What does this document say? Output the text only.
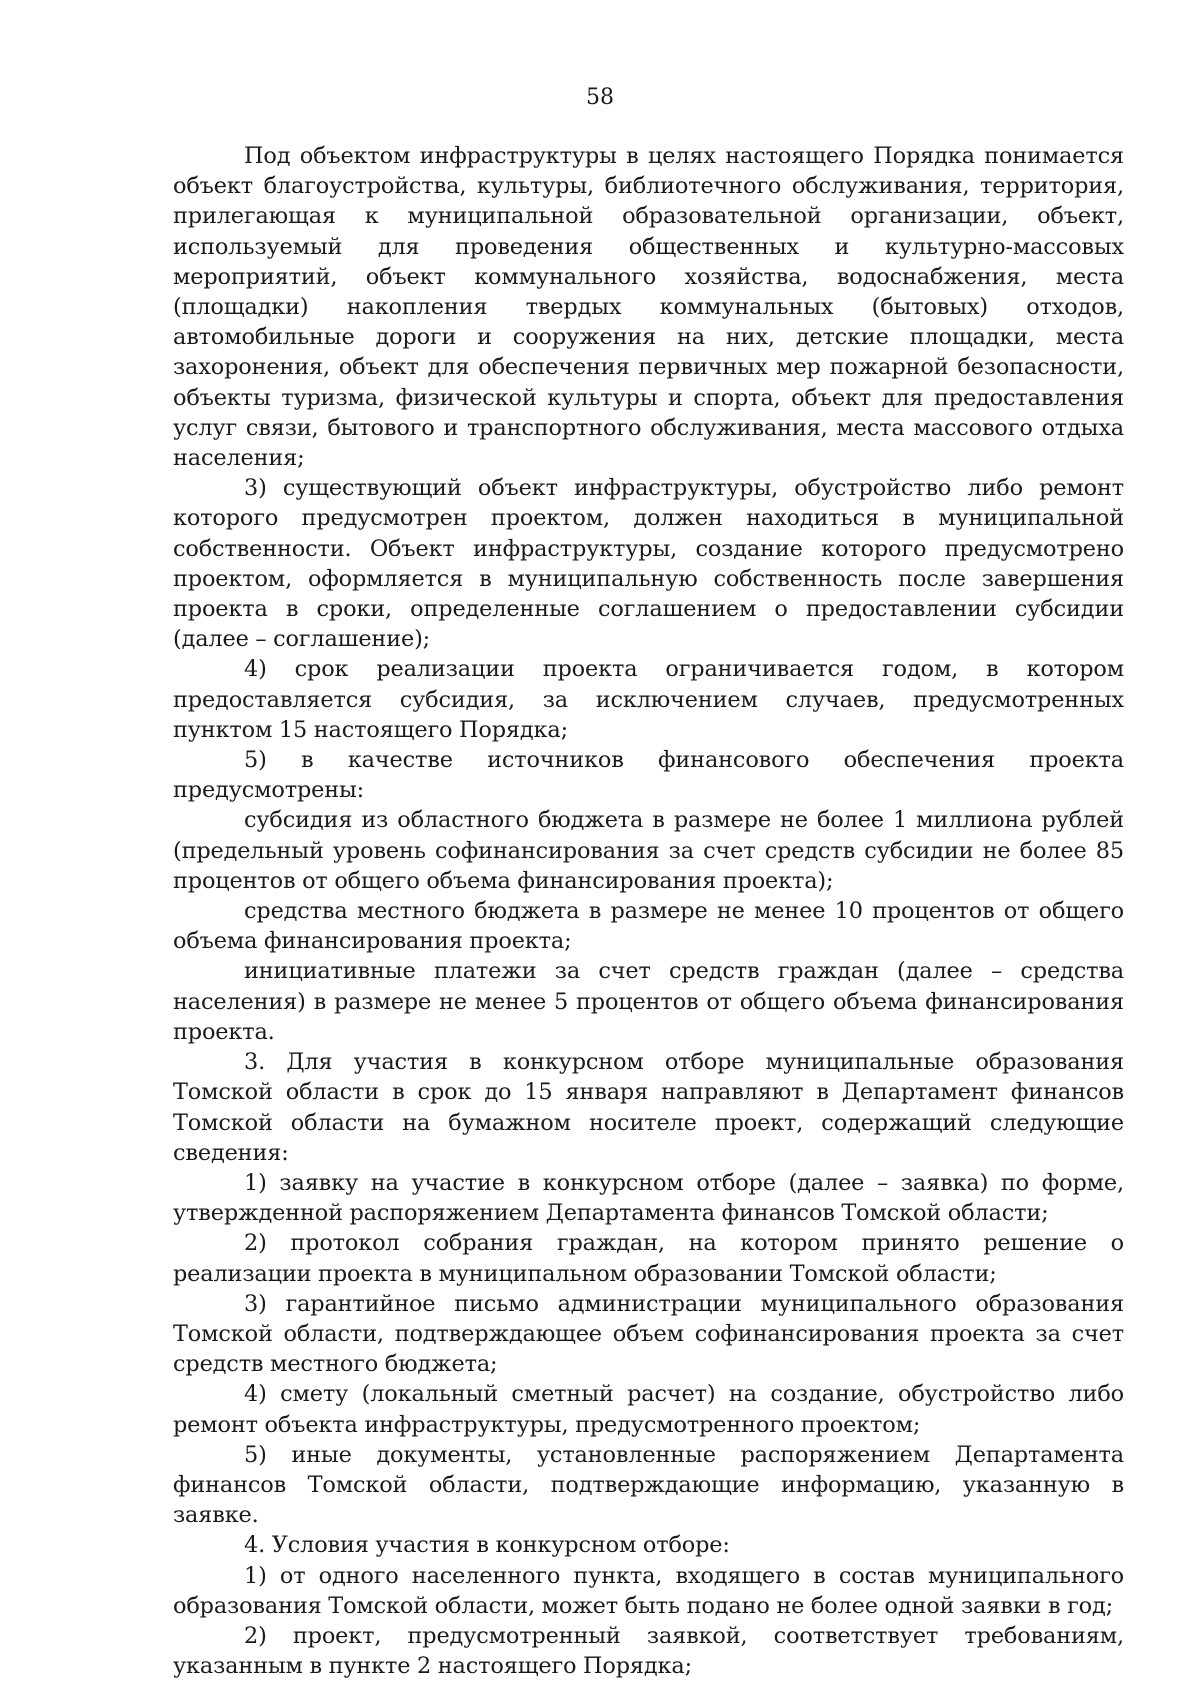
58

Под объектом инфраструктуры в целях настоящего Порядка понимается объект благоустройства, культуры, библиотечного обслуживания, территория, прилегающая к муниципальной образовательной организации, объект, используемый для проведения общественных и культурно-массовых мероприятий, объект коммунального хозяйства, водоснабжения, места (площадки) накопления твердых коммунальных (бытовых) отходов, автомобильные дороги и сооружения на них, детские площадки, места захоронения, объект для обеспечения первичных мер пожарной безопасности, объекты туризма, физической культуры и спорта, объект для предоставления услуг связи, бытового и транспортного обслуживания, места массового отдыха населения;

3) существующий объект инфраструктуры, обустройство либо ремонт которого предусмотрен проектом, должен находиться в муниципальной собственности. Объект инфраструктуры, создание которого предусмотрено проектом, оформляется в муниципальную собственность после завершения проекта в сроки, определенные соглашением о предоставлении субсидии (далее – соглашение);

4) срок реализации проекта ограничивается годом, в котором предоставляется субсидия, за исключением случаев, предусмотренных пунктом 15 настоящего Порядка;

5) в качестве источников финансового обеспечения проекта предусмотрены:

субсидия из областного бюджета в размере не более 1 миллиона рублей (предельный уровень софинансирования за счет средств субсидии не более 85 процентов от общего объема финансирования проекта);

средства местного бюджета в размере не менее 10 процентов от общего объема финансирования проекта;

инициативные платежи за счет средств граждан (далее – средства населения) в размере не менее 5 процентов от общего объема финансирования проекта.

3. Для участия в конкурсном отборе муниципальные образования Томской области в срок до 15 января направляют в Департамент финансов Томской области на бумажном носителе проект, содержащий следующие сведения:

1) заявку на участие в конкурсном отборе (далее – заявка) по форме, утвержденной распоряжением Департамента финансов Томской области;

2) протокол собрания граждан, на котором принято решение о реализации проекта в муниципальном образовании Томской области;

3) гарантийное письмо администрации муниципального образования Томской области, подтверждающее объем софинансирования проекта за счет средств местного бюджета;

4) смету (локальный сметный расчет) на создание, обустройство либо ремонт объекта инфраструктуры, предусмотренного проектом;

5) иные документы, установленные распоряжением Департамента финансов Томской области, подтверждающие информацию, указанную в заявке.

4. Условия участия в конкурсном отборе:

1) от одного населенного пункта, входящего в состав муниципального образования Томской области, может быть подано не более одной заявки в год;

2) проект, предусмотренный заявкой, соответствует требованиям, указанным в пункте 2 настоящего Порядка;
